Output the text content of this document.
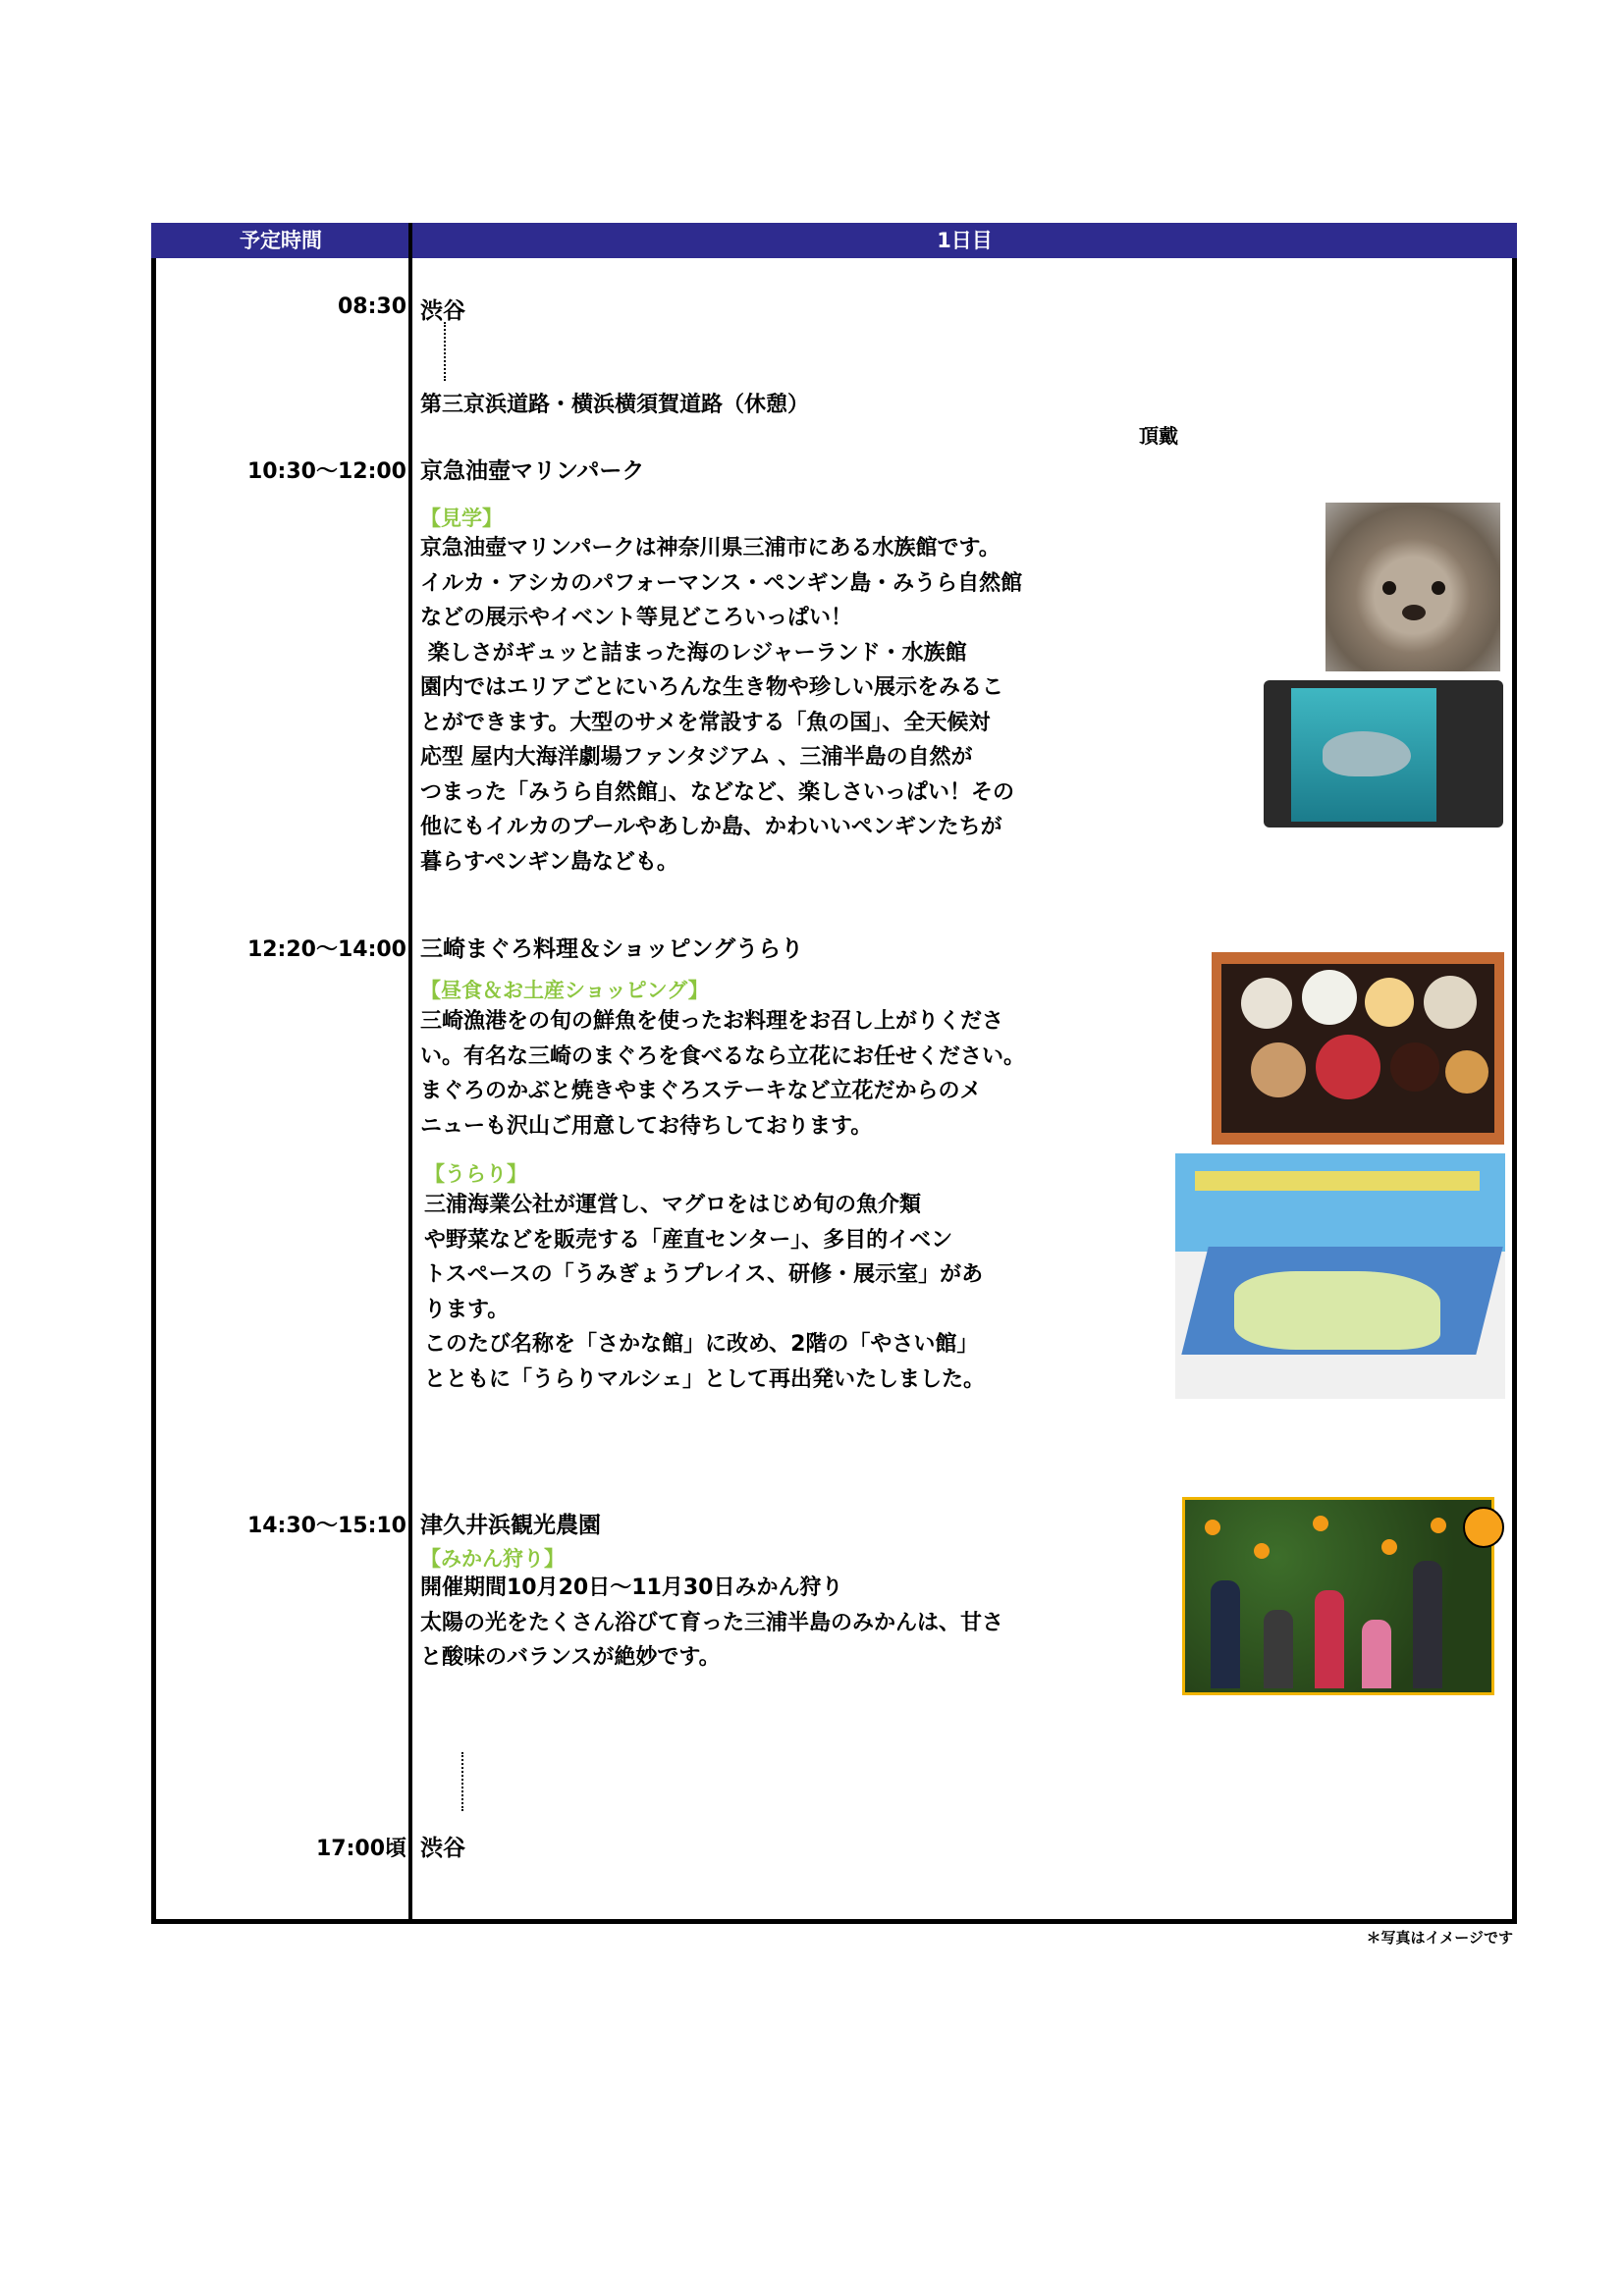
予定時間	1日目
08:30 渋谷
第三京浜道路・横浜横須賀道路（休憩）
頂戴
10:30～12:00 京急油壺マリンパーク
【見学】
京急油壺マリンパークは神奈川県三浦市にある水族館です。
イルカ・アシカのパフォーマンス・ペンギン島・みうら自然館
などの展示やイベント等見どころいっぱい！
楽しさがギュッと詰まった海のレジャーランド・水族館
園内ではエリアごとにいろんな生き物や珍しい展示をみるこ
とができます。大型のサメを常設する「魚の国」、全天候対
応型 屋内大海洋劇場ファンタジアム 、三浦半島の自然が
つまった「みうら自然館」、などなど、楽しさいっぱい！その
他にもイルカのプールやあしか島、かわいいペンギンたちが
暮らすペンギン島なども。
12:20～14:00 三崎まぐろ料理＆ショッピングうらり
【昼食＆お土産ショッピング】
三崎漁港をの旬の鮮魚を使ったお料理をお召し上がりくださ
い。有名な三崎のまぐろを食べるなら立花にお任せください。
まぐろのかぶと焼きやまぐろステーキなど立花だからのメ
ニューも沢山ご用意してお待ちしております。
【うらり】
三浦海業公社が運営し、マグロをはじめ旬の魚介類
や野菜などを販売する「産直センター」、多目的イベン
トスペースの「うみぎょうプレイス、研修・展示室」があ
ります。
このたび名称を「さかな館」に改め、2階の「やさい館」
とともに「うらりマルシェ」として再出発いたしました。
14:30～15:10 津久井浜観光農園
【みかん狩り】
開催期間10月20日～11月30日みかん狩り
太陽の光をたくさん浴びて育った三浦半島のみかんは、甘さ
と酸味のバランスが絶妙です。
17:00頃 渋谷
＊写真はイメージです
